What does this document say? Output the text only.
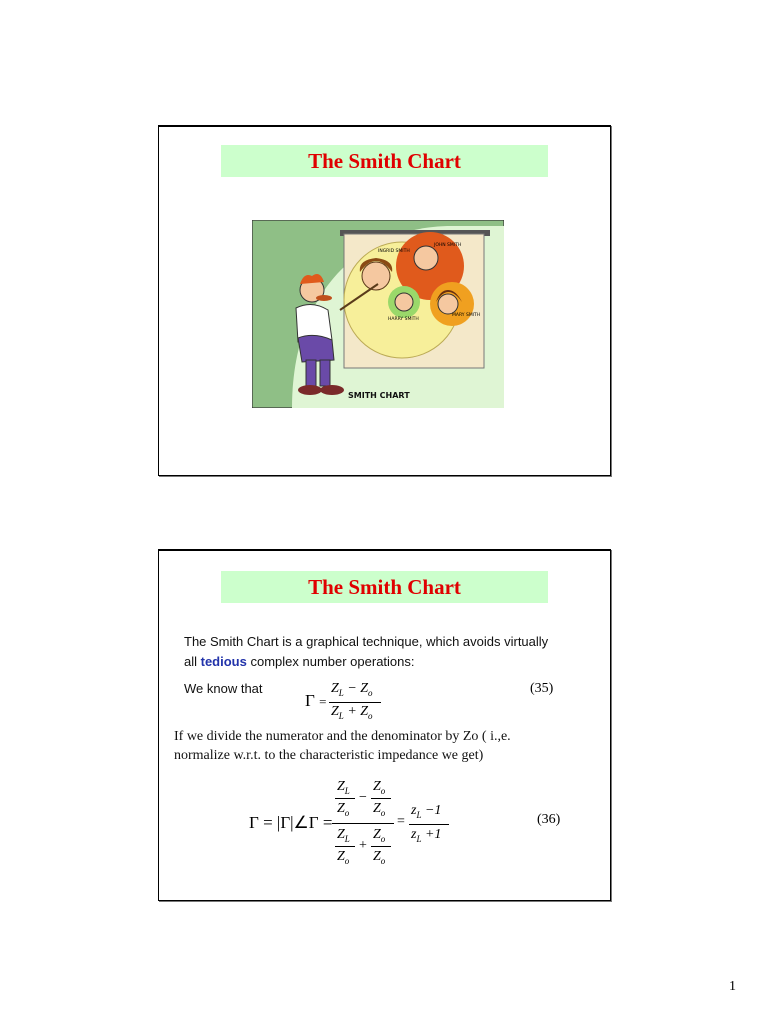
The Smith Chart
INGRID SMITH
JOHN SMITH
MARY SMITH
HARRY SMITH
SMITH CHART
The Smith Chart
The Smith Chart is a graphical technique, which avoids virtually
all tedious complex number operations:
We know that
Γ =
$Z_L - Z_o$
$Z_L + Z_o$
(35)
If we divide the numerator and the denominator by Zo ( i.,e.
normalize w.r.t. to the characteristic impedance we get)
Γ = |Γ|∠Γ =
$Z_L$
$Z_o$
−
$Z_o$
$Z_o$
$Z_L$
$Z_o$
+
$Z_o$
$Z_o$
=
$z_L -1$
$z_L +1$
(36)
1
